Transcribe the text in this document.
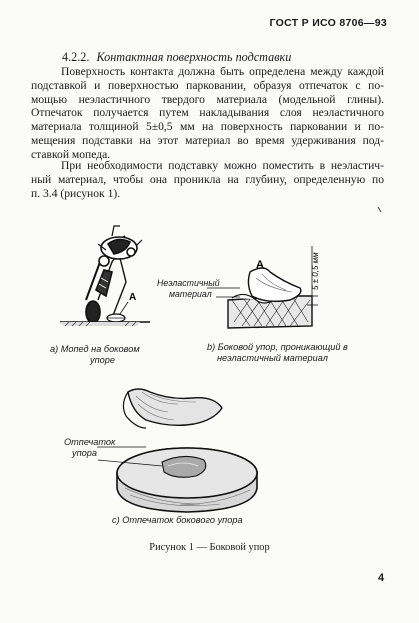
ГОСТ Р ИСО 8706—93
4.2.2. Контактная поверхность подставки
Поверхность контакта должна быть определена между каждой
подставкой и поверхностью парковании, образуя отпечаток с по-
мощью неэластичного твердого материала (модельной глины).
Отпечаток получается путем накладывания слоя неэластичного
материала толщиной 5±0,5 мм на поверхность парковании и по-
мещения подставки на этот материал во время удерживания под-
ставкой мопеда.
При необходимости подставку можно поместить в неэластич-
ный материал, чтобы она проникла на глубину, определенную по
п. 3.4 (рисунок 1).
A
A	5 ± 0,5 мм
а) Мопед на боковом
упоре
Неэластичный
материал
b) Боковой упор, проникающий в
неэластичный материал
Отпечаток
упора
c) Отпечаток бокового упора
Рисунок 1 — Боковой упор
4
